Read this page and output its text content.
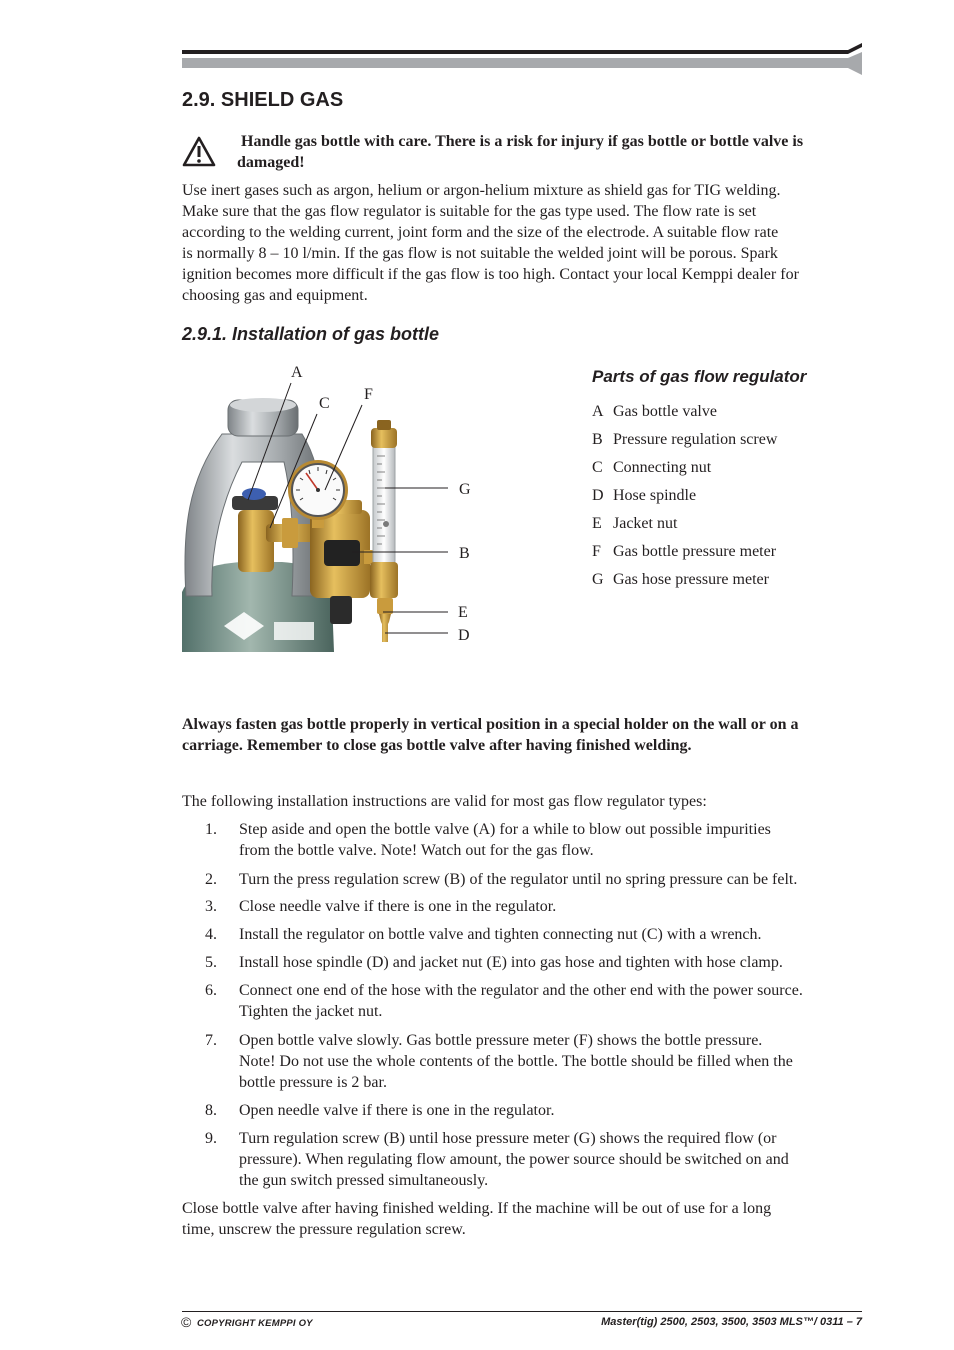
2.9. SHIELD GAS
Handle gas bottle with care. There is a risk for injury if gas bottle or bottle valve is
damaged!
Use inert gases such as argon, helium or argon-helium mixture as shield gas for TIG welding.
Make sure that the gas flow regulator is suitable for the gas type used. The flow rate is set
according to the welding current, joint form and the size of the electrode. A suitable flow rate
is normally 8 – 10 l/min. If the gas flow is not suitable the welded joint will be porous. Spark
ignition becomes more difficult if the gas flow is too high. Contact your local Kemppi dealer for
choosing gas and equipment.
2.9.1. Installation of gas bottle
A
C
F
G
B
E
D
Parts of gas flow regulator
A Gas bottle valve
B Pressure regulation screw
C Connecting nut
D Hose spindle
E Jacket nut
F Gas bottle pressure meter
G Gas hose pressure meter
Always fasten gas bottle properly in vertical position in a special holder on the wall or on a
carriage. Remember to close gas bottle valve after having finished welding.
The following installation instructions are valid for most gas flow regulator types:
1. Step aside and open the bottle valve (A) for a while to blow out possible impurities
from the bottle valve. Note! Watch out for the gas flow.
2. Turn the press regulation screw (B) of the regulator until no spring pressure can be felt.
3. Close needle valve if there is one in the regulator.
4. Install the regulator on bottle valve and tighten connecting nut (C) with a wrench.
5. Install hose spindle (D) and jacket nut (E) into gas hose and tighten with hose clamp.
6. Connect one end of the hose with the regulator and the other end with the power source.
Tighten the jacket nut.
7. Open bottle valve slowly. Gas bottle pressure meter (F) shows the bottle pressure.
Note! Do not use the whole contents of the bottle. The bottle should be filled when the
bottle pressure is 2 bar.
8. Open needle valve if there is one in the regulator.
9. Turn regulation screw (B) until hose pressure meter (G) shows the required flow (or
pressure). When regulating flow amount, the power source should be switched on and
the gun switch pressed simultaneously.
Close bottle valve after having finished welding. If the machine will be out of use for a long
time, unscrew the pressure regulation screw.
© COPYRIGHT KEMPPI OY	Master(tig) 2500, 2503, 3500, 3503 MLS™/ 0311 – 7
